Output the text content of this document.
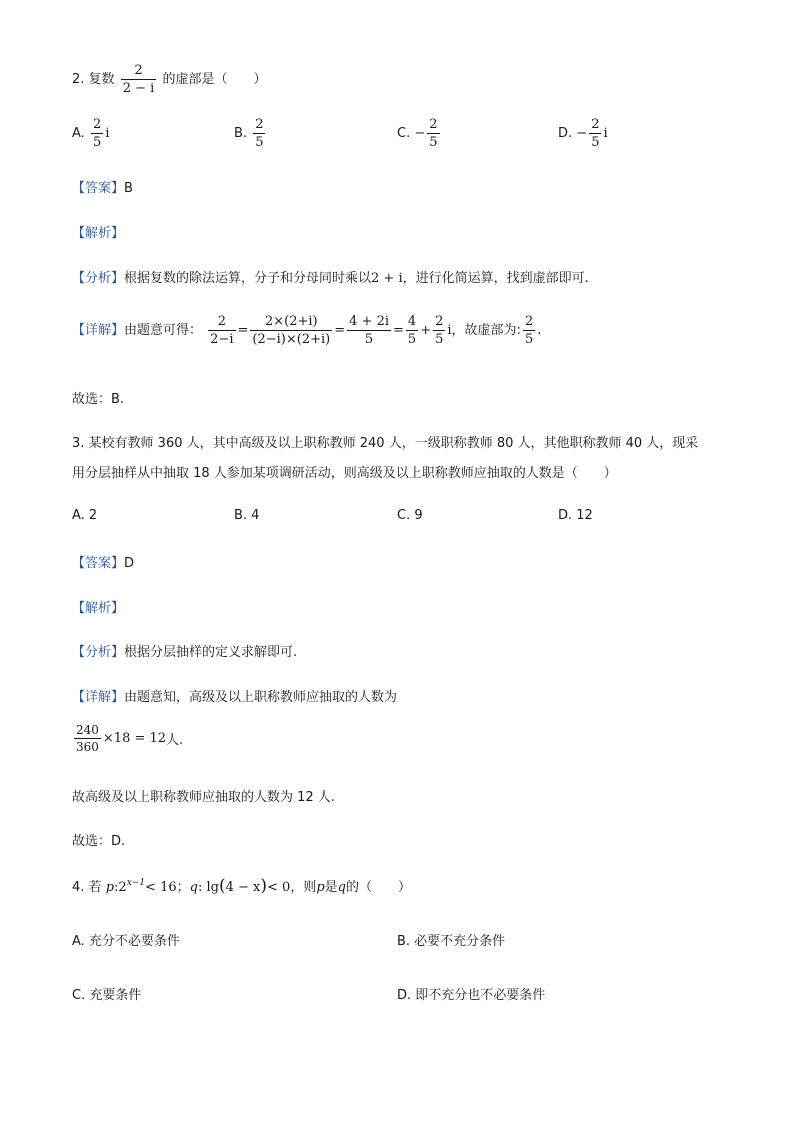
2. 复数 $\frac{2}{2 - i}$ 的虚部是（　　）
A. $\frac{2}{5}$ i	B. $\frac{2}{5}$	C. − $\frac{2}{5}$	D. − $\frac{2}{5}$ i
【答案】B
【解析】
【分析】根据复数的除法运算，分子和分母同时乘以2 + i，进行化简运算，找到虚部即可.
【详解】由题意可得： $\frac{2}{2-i} = \frac{2\times(2+i)}{(2-i)\times(2+i)} = \frac{4 + 2i}{5} = \frac{4}{5} + \frac{2}{5}$ i，故虚部为: $\frac{2}{5}$ .
故选：B.
3. 某校有教师 360 人，其中高级及以上职称教师 240 人，一级职称教师 80 人，其他职称教师 40 人，现采
用分层抽样从中抽取 18 人参加某项调研活动，则高级及以上职称教师应抽取的人数是（　　）
A. 2	B. 4	C. 9	D. 12
【答案】D
【解析】
【分析】根据分层抽样的定义求解即可.
【详解】由题意知，高级及以上职称教师应抽取的人数为
$\frac{240}{360} \times 18 = 12$人.
故高级及以上职称教师应抽取的人数为 12 人.
故选：D.
4. 若 $p:2^{x-1}< 16$；q: lg(4 − x)< 0，则p是q的（　　）
A. 充分不必要条件	B. 必要不充分条件
C. 充要条件	D. 即不充分也不必要条件
